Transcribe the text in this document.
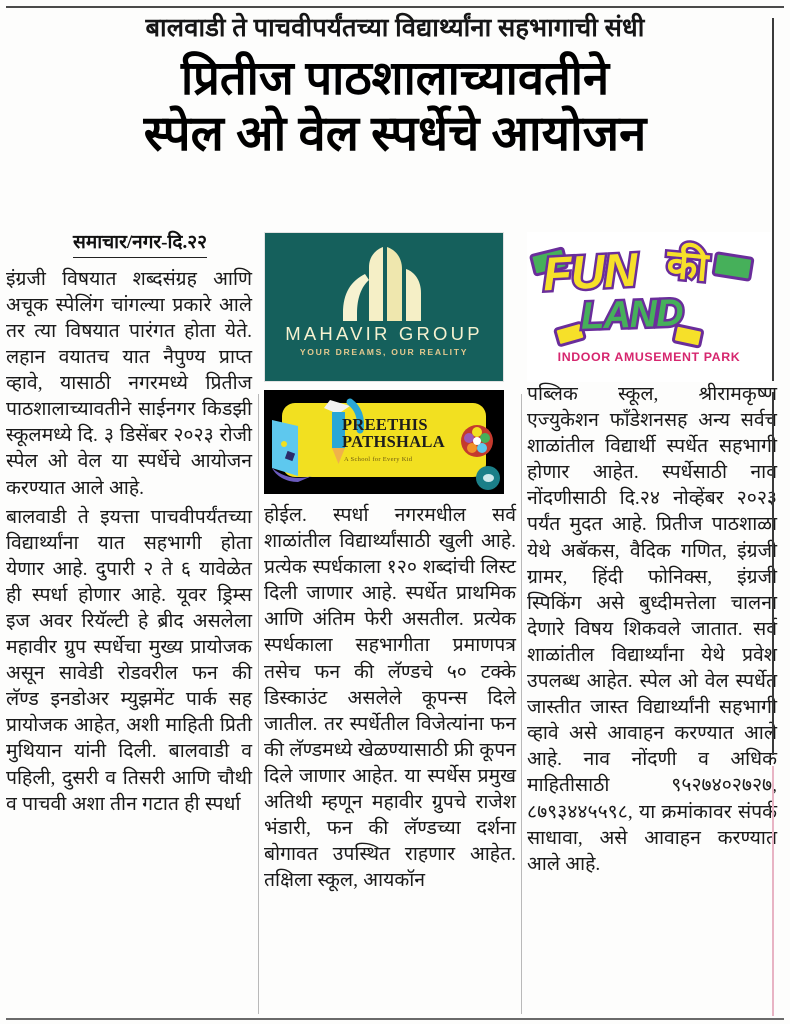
बालवाडी ते पाचवीपर्यंतच्या विद्यार्थ्यांना सहभागाची संधी
प्रितीज पाठशालाच्यावतीने
स्पेल ओ वेल स्पर्धेचे आयोजन
समाचार/नगर-दि.२२

इंग्रजी विषयात शब्दसंग्रह आणि अचूक स्पेलिंग चांगल्या प्रकारे आले तर त्या विषयात पारंगत होता येते. लहान वयातच यात नैपुण्य प्राप्त व्हावे, यासाठी नगरमध्ये प्रितीज पाठशालाच्यावतीने साईनगर किडझी स्कूलमध्ये दि. ३ डिसेंबर २०२३ रोजी स्पेल ओ वेल या स्पर्धेचे आयोजन करण्यात आले आहे.

बालवाडी ते इयत्ता पाचवीपर्यंतच्या विद्यार्थ्यांना यात सहभागी होता येणार आहे. दुपारी २ ते ६ यावेळेत ही स्पर्धा होणार आहे. यूवर ड्रिम्स इज अवर रियॅल्टी हे ब्रीद असलेला महावीर ग्रुप स्पर्धेचा मुख्य प्रायोजक असून सावेडी रोडवरील फन की लॅण्ड इनडोअर म्युझमेंट पार्क सह प्रायोजक आहेत, अशी माहिती प्रिती मुथियान यांनी दिली. बालवाडी व पहिली, दुसरी व तिसरी आणि चौथी व पाचवी अशा तीन गटात ही स्पर्धा

MAHAVIR GROUP
YOUR DREAMS, OUR REALITY
PREETHIS
PATHSHALA
A School for Every Kid

होईल. स्पर्धा नगरमधील सर्व शाळांतील विद्यार्थ्यांसाठी खुली आहे. प्रत्येक स्पर्धकाला १२० शब्दांची लिस्ट दिली जाणार आहे. स्पर्धेत प्राथमिक आणि अंतिम फेरी असतील. प्रत्येक स्पर्धकाला सहभागीता प्रमाणपत्र तसेच फन की लॅण्डचे ५० टक्के डिस्काउंट असलेले कूपन्स दिले जातील. तर स्पर्धेतील विजेत्यांना फन की लॅण्डमध्ये खेळण्यासाठी फ्री कूपन दिले जाणार आहेत. या स्पर्धेस प्रमुख अतिथी म्हणून महावीर ग्रुपचे राजेश भंडारी, फन की लॅण्डच्या दर्शना बोगावत उपस्थित राहणार आहेत. तक्षिला स्कूल, आयकॉन

FUN की
LAND
INDOOR AMUSEMENT PARK

पब्लिक स्कूल, श्रीरामकृष्ण एज्युकेशन फाँडेशनसह अन्य सर्वच शाळांतील विद्यार्थी स्पर्धेत सहभागी होणार आहेत. स्पर्धेसाठी नाव नोंदणीसाठी दि.२४ नोव्हेंबर २०२३ पर्यंत मुदत आहे. प्रितीज पाठशाळा येथे अबॅकस, वैदिक गणित, इंग्रजी ग्रामर, हिंदी फोनिक्स, इंग्रजी स्पिकिंग असे बुध्दीमत्तेला चालना देणारे विषय शिकवले जातात. सर्व शाळांतील विद्यार्थ्यांना येथे प्रवेश उपलब्ध आहेत. स्पेल ओ वेल स्पर्धेत जास्तीत जास्त विद्यार्थ्यांनी सहभागी व्हावे असे आवाहन करण्यात आले आहे. नाव नोंदणी व अधिक माहितीसाठी ९५२७४०२७२७, ८७९३४४५५९८, या क्रमांकावर संपर्क साधावा, असे आवाहन करण्यात आले आहे.
